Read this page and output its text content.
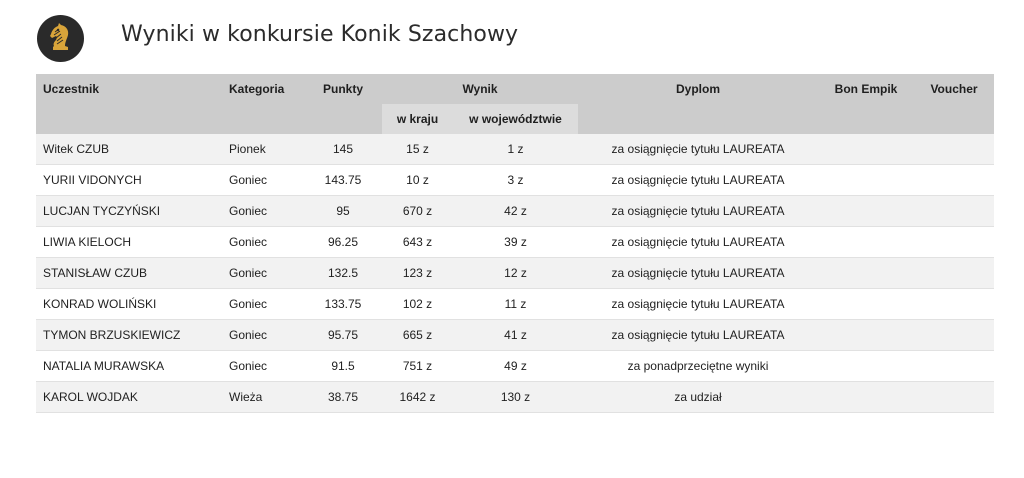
Wyniki w konkursie Konik Szachowy
Uczestnik	Kategoria	Punkty	Wynik		Dyplom	Bon Empik	Voucher
			w kraju	w województwie			
Witek CZUB	Pionek	145	15 z	1 z	za osiągnięcie tytułu LAUREATA		
YURII VIDONYCH	Goniec	143.75	10 z	3 z	za osiągnięcie tytułu LAUREATA		
LUCJAN TYCZYŃSKI	Goniec	95	670 z	42 z	za osiągnięcie tytułu LAUREATA		
LIWIA KIELOCH	Goniec	96.25	643 z	39 z	za osiągnięcie tytułu LAUREATA		
STANISŁAW CZUB	Goniec	132.5	123 z	12 z	za osiągnięcie tytułu LAUREATA		
KONRAD WOLIŃSKI	Goniec	133.75	102 z	11 z	za osiągnięcie tytułu LAUREATA		
TYMON BRZUSKIEWICZ	Goniec	95.75	665 z	41 z	za osiągnięcie tytułu LAUREATA		
NATALIA MURAWSKA	Goniec	91.5	751 z	49 z	za ponadprzeciętne wyniki		
KAROL WOJDAK	Wieża	38.75	1642 z	130 z	za udział		
